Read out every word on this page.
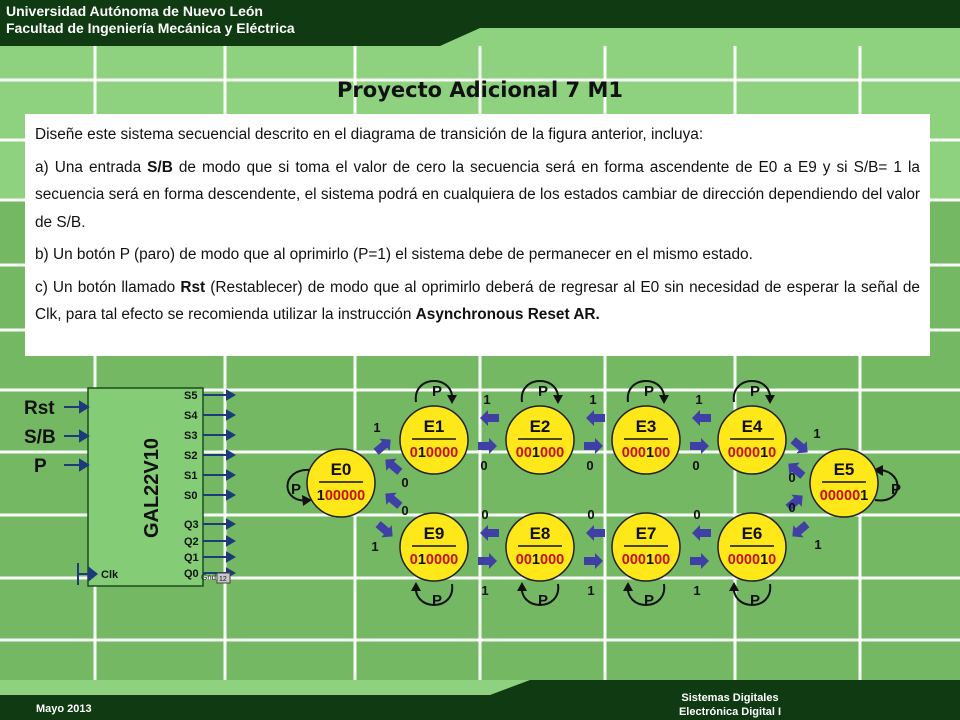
Universidad Autónoma de Nuevo León
Facultad de Ingeniería Mecánica y Eléctrica
Proyecto Adicional 7 M1

Diseñe este sistema secuencial descrito en el diagrama de transición de la figura anterior, incluya:

a) Una entrada S/B de modo que si toma el valor de cero la secuencia será en forma ascendente de E0 a E9 y si S/B= 1 la secuencia será en forma descendente, el sistema podrá en cualquiera de los estados cambiar de dirección dependiendo del valor de S/B.

b) Un botón P (paro) de modo que al oprimirlo (P=1) el sistema debe de permanecer en el mismo estado.

c) Un botón llamado Rst (Restablecer) de modo que al oprimirlo deberá de regresar al E0 sin necesidad de esperar la señal de Clk, para tal efecto se recomienda utilizar la instrucción Asynchronous Reset AR.

GAL22V10
Rst
S/B
P
S5
S4
S3
S2
S1
S0
Q3
Q2
Q1
Q0
Clk	Gnd 12
P	P	P	P
P
P
P
P
P	P
1
0
1
0
1
0
0
1
0
1
0
1
1
0
1
0
1
0
1
0
E0
100000
E1
010000
E2
001000
E3
000100
E4
000010
E5
000001
E6
000010
E7
000100
E8
001000
E9
010000
Mayo 2013
Sistemas Digitales
Electrónica Digital I
